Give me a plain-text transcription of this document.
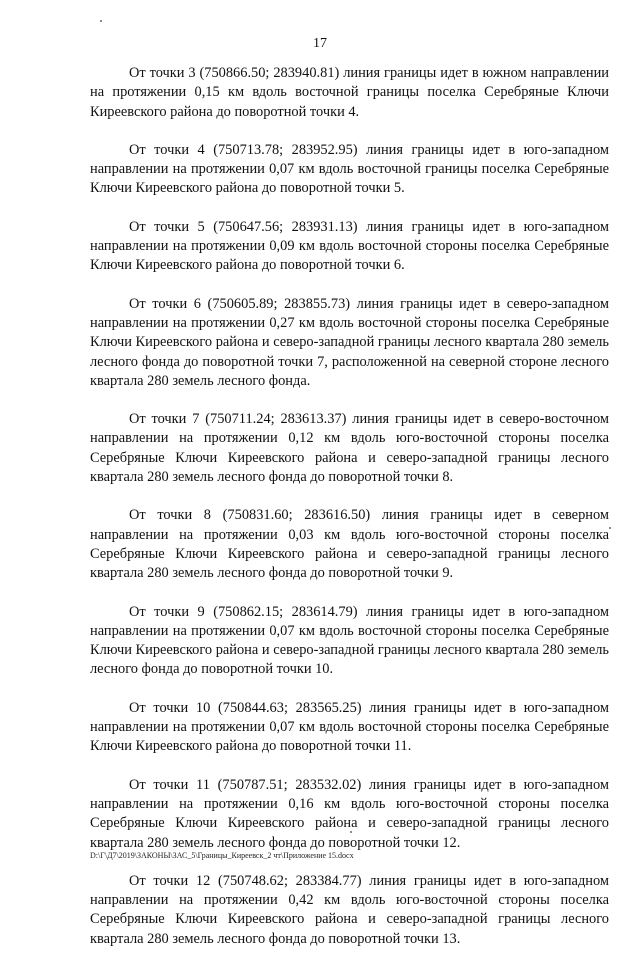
17

От точки 3 (750866.50; 283940.81) линия границы идет в южном направлении на протяжении 0,15 км вдоль восточной границы поселка Серебряные Ключи Киреевского района до поворотной точки 4.

От точки 4 (750713.78; 283952.95) линия границы идет в юго-западном направлении на протяжении 0,07 км вдоль восточной границы поселка Серебряные Ключи Киреевского района до поворотной точки 5.

От точки 5 (750647.56; 283931.13) линия границы идет в юго-западном направлении на протяжении 0,09 км вдоль восточной стороны поселка Серебряные Ключи Киреевского района до поворотной точки 6.

От точки 6 (750605.89; 283855.73) линия границы идет в северо-западном направлении на протяжении 0,27 км вдоль восточной стороны поселка Серебряные Ключи Киреевского района и северо-западной границы лесного квартала 280 земель лесного фонда до поворотной точки 7, расположенной на северной стороне лесного квартала 280 земель лесного фонда.

От точки 7 (750711.24; 283613.37) линия границы идет в северо-восточном направлении на протяжении 0,12 км вдоль юго-восточной стороны поселка Серебряные Ключи Киреевского района и северо-западной границы лесного квартала 280 земель лесного фонда до поворотной точки 8.

От точки 8 (750831.60; 283616.50) линия границы идет в северном направлении на протяжении 0,03 км вдоль юго-восточной стороны поселка Серебряные Ключи Киреевского района и северо-западной границы лесного квартала 280 земель лесного фонда до поворотной точки 9.

От точки 9 (750862.15; 283614.79) линия границы идет в юго-западном направлении на протяжении 0,07 км вдоль восточной стороны поселка Серебряные Ключи Киреевского района и северо-западной границы лесного квартала 280 земель лесного фонда до поворотной точки 10.

От точки 10 (750844.63; 283565.25) линия границы идет в юго-западном направлении на протяжении 0,07 км вдоль восточной стороны поселка Серебряные Ключи Киреевского района до поворотной точки 11.

От точки 11 (750787.51; 283532.02) линия границы идет в юго-западном направлении на протяжении 0,16 км вдоль юго-восточной стороны поселка Серебряные Ключи Киреевского района и северо-западной границы лесного квартала 280 земель лесного фонда до поворотной точки 12.

От точки 12 (750748.62; 283384.77) линия границы идет в юго-западном направлении на протяжении 0,42 км вдоль юго-восточной стороны поселка Серебряные Ключи Киреевского района и северо-западной границы лесного квартала 280 земель лесного фонда до поворотной точки 13.

D:\Г\Д7\2019\ЗАКОНЫ\ЗАС_5\Границы_Киреевск_2 чт\Приложение 15.docx
